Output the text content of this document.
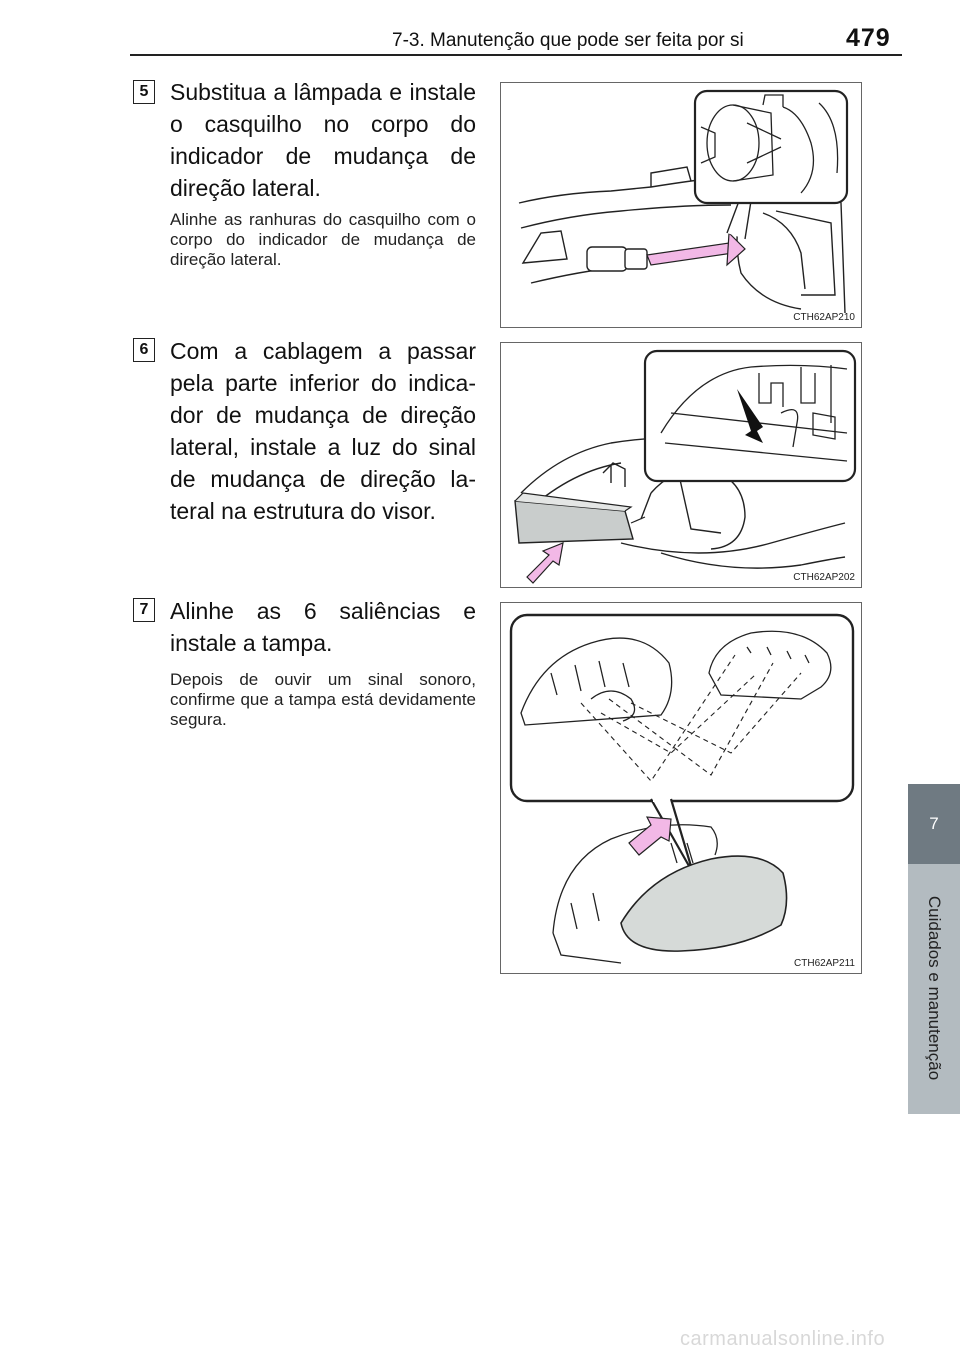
7-3. Manutenção que pode ser feita por si	479
7
Cuidados e manutenção
5 Substitua a lâmpada e instale o casquilho no corpo do indicador de mudança de direção lateral.
Alinhe as ranhuras do casquilho com o corpo do indicador de mudança de direção lateral.
CTH62AP210
6 Com a cablagem a passar pela parte inferior do indica-dor de mudança de direção lateral, instale a luz do sinal de mudança de direção la-teral na estrutura do visor.
CTH62AP202
7 Alinhe as 6 saliências e instale a tampa.
Depois de ouvir um sinal sonoro, confirme que a tampa está devidamente segura.
CTH62AP211
carmanualsonline.info
